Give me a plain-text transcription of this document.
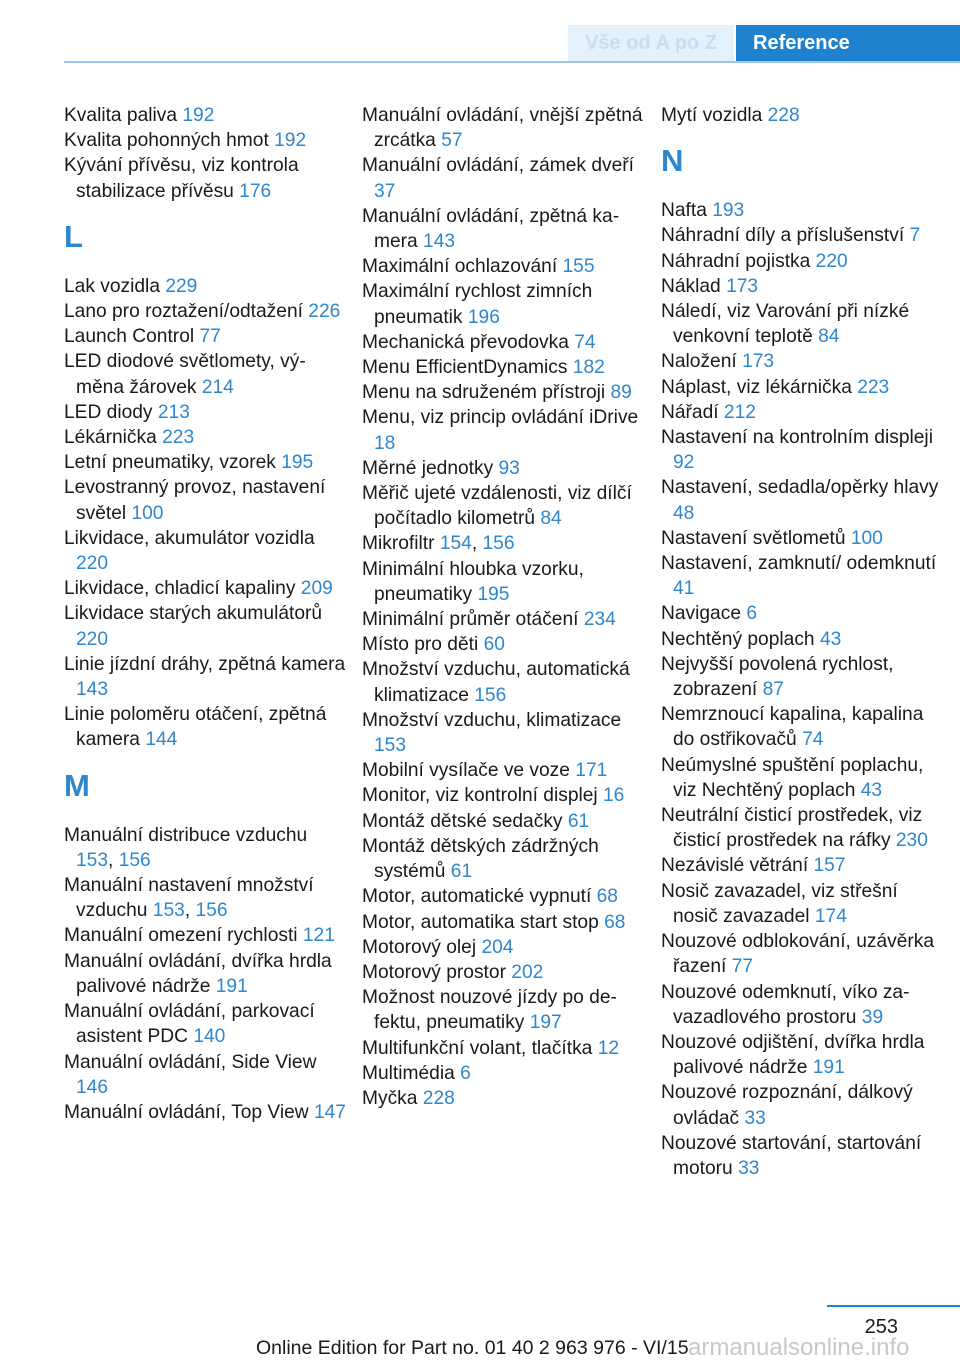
Vše od A po Z	Reference
Kvalita paliva 192
Kvalita pohonných hmot 192
Kývání přívěsu, viz kontrola stabilizace přívěsu 176
L
Lak vozidla 229
Lano pro roztažení/odtažení 226
Launch Control 77
LED diodové světlomety, výměna žárovek 214
LED diody 213
Lékárnička 223
Letní pneumatiky, vzorek 195
Levostranný provoz, nastavení světel 100
Likvidace, akumulátor vozidla 220
Likvidace, chladicí kapaliny 209
Likvidace starých akumulátorů 220
Linie jízdní dráhy, zpětná kamera 143
Linie poloměru otáčení, zpětná kamera 144
M
Manuální distribuce vzduchu 153, 156
Manuální nastavení množství vzduchu 153, 156
Manuální omezení rychlosti 121
Manuální ovládání, dvířka hrdla palivové nádrže 191
Manuální ovládání, parkovací asistent PDC 140
Manuální ovládání, Side View 146
Manuální ovládání, Top View 147
Manuální ovládání, vnější zpětná zrcátka 57
Manuální ovládání, zámek dveří 37
Manuální ovládání, zpětná kamera 143
Maximální ochlazování 155
Maximální rychlost zimních pneumatik 196
Mechanická převodovka 74
Menu EfficientDynamics 182
Menu na sdruženém přístroji 89
Menu, viz princip ovládání iDrive 18
Měrné jednotky 93
Měřič ujeté vzdálenosti, viz dílčí počítadlo kilometrů 84
Mikrofiltr 154, 156
Minimální hloubka vzorku, pneumatiky 195
Minimální průměr otáčení 234
Místo pro děti 60
Množství vzduchu, automatická klimatizace 156
Množství vzduchu, klimatizace 153
Mobilní vysílače ve voze 171
Monitor, viz kontrolní displej 16
Montáž dětské sedačky 61
Montáž dětských zádržných systémů 61
Motor, automatické vypnutí 68
Motor, automatika start stop 68
Motorový olej 204
Motorový prostor 202
Možnost nouzové jízdy po defektu, pneumatiky 197
Multifunkční volant, tlačítka 12
Multimédia 6
Myčka 228
Mytí vozidla 228
N
Nafta 193
Náhradní díly a příslušenství 7
Náhradní pojistka 220
Náklad 173
Náledí, viz Varování při nízké venkovní teplotě 84
Naložení 173
Náplast, viz lékárnička 223
Nářadí 212
Nastavení na kontrolním displeji 92
Nastavení, sedadla/opěrky hlavy 48
Nastavení světlometů 100
Nastavení, zamknutí/ odemknutí 41
Navigace 6
Nechtěný poplach 43
Nejvyšší povolená rychlost, zobrazení 87
Nemrznoucí kapalina, kapalina do ostřikovačů 74
Neúmyslné spuštění poplachu, viz Nechtěný poplach 43
Neutrální čisticí prostředek, viz čisticí prostředek na ráfky 230
Nezávislé větrání 157
Nosič zavazadel, viz střešní nosič zavazadel 174
Nouzové odblokování, uzávěrka řazení 77
Nouzové odemknutí, víko zavazadlového prostoru 39
Nouzové odjištění, dvířka hrdla palivové nádrže 191
Nouzové rozpoznání, dálkový ovládač 33
Nouzové startování, startování motoru 33
253
Online Edition for Part no. 01 40 2 963 976 - VI/15 armanualsonline.info
